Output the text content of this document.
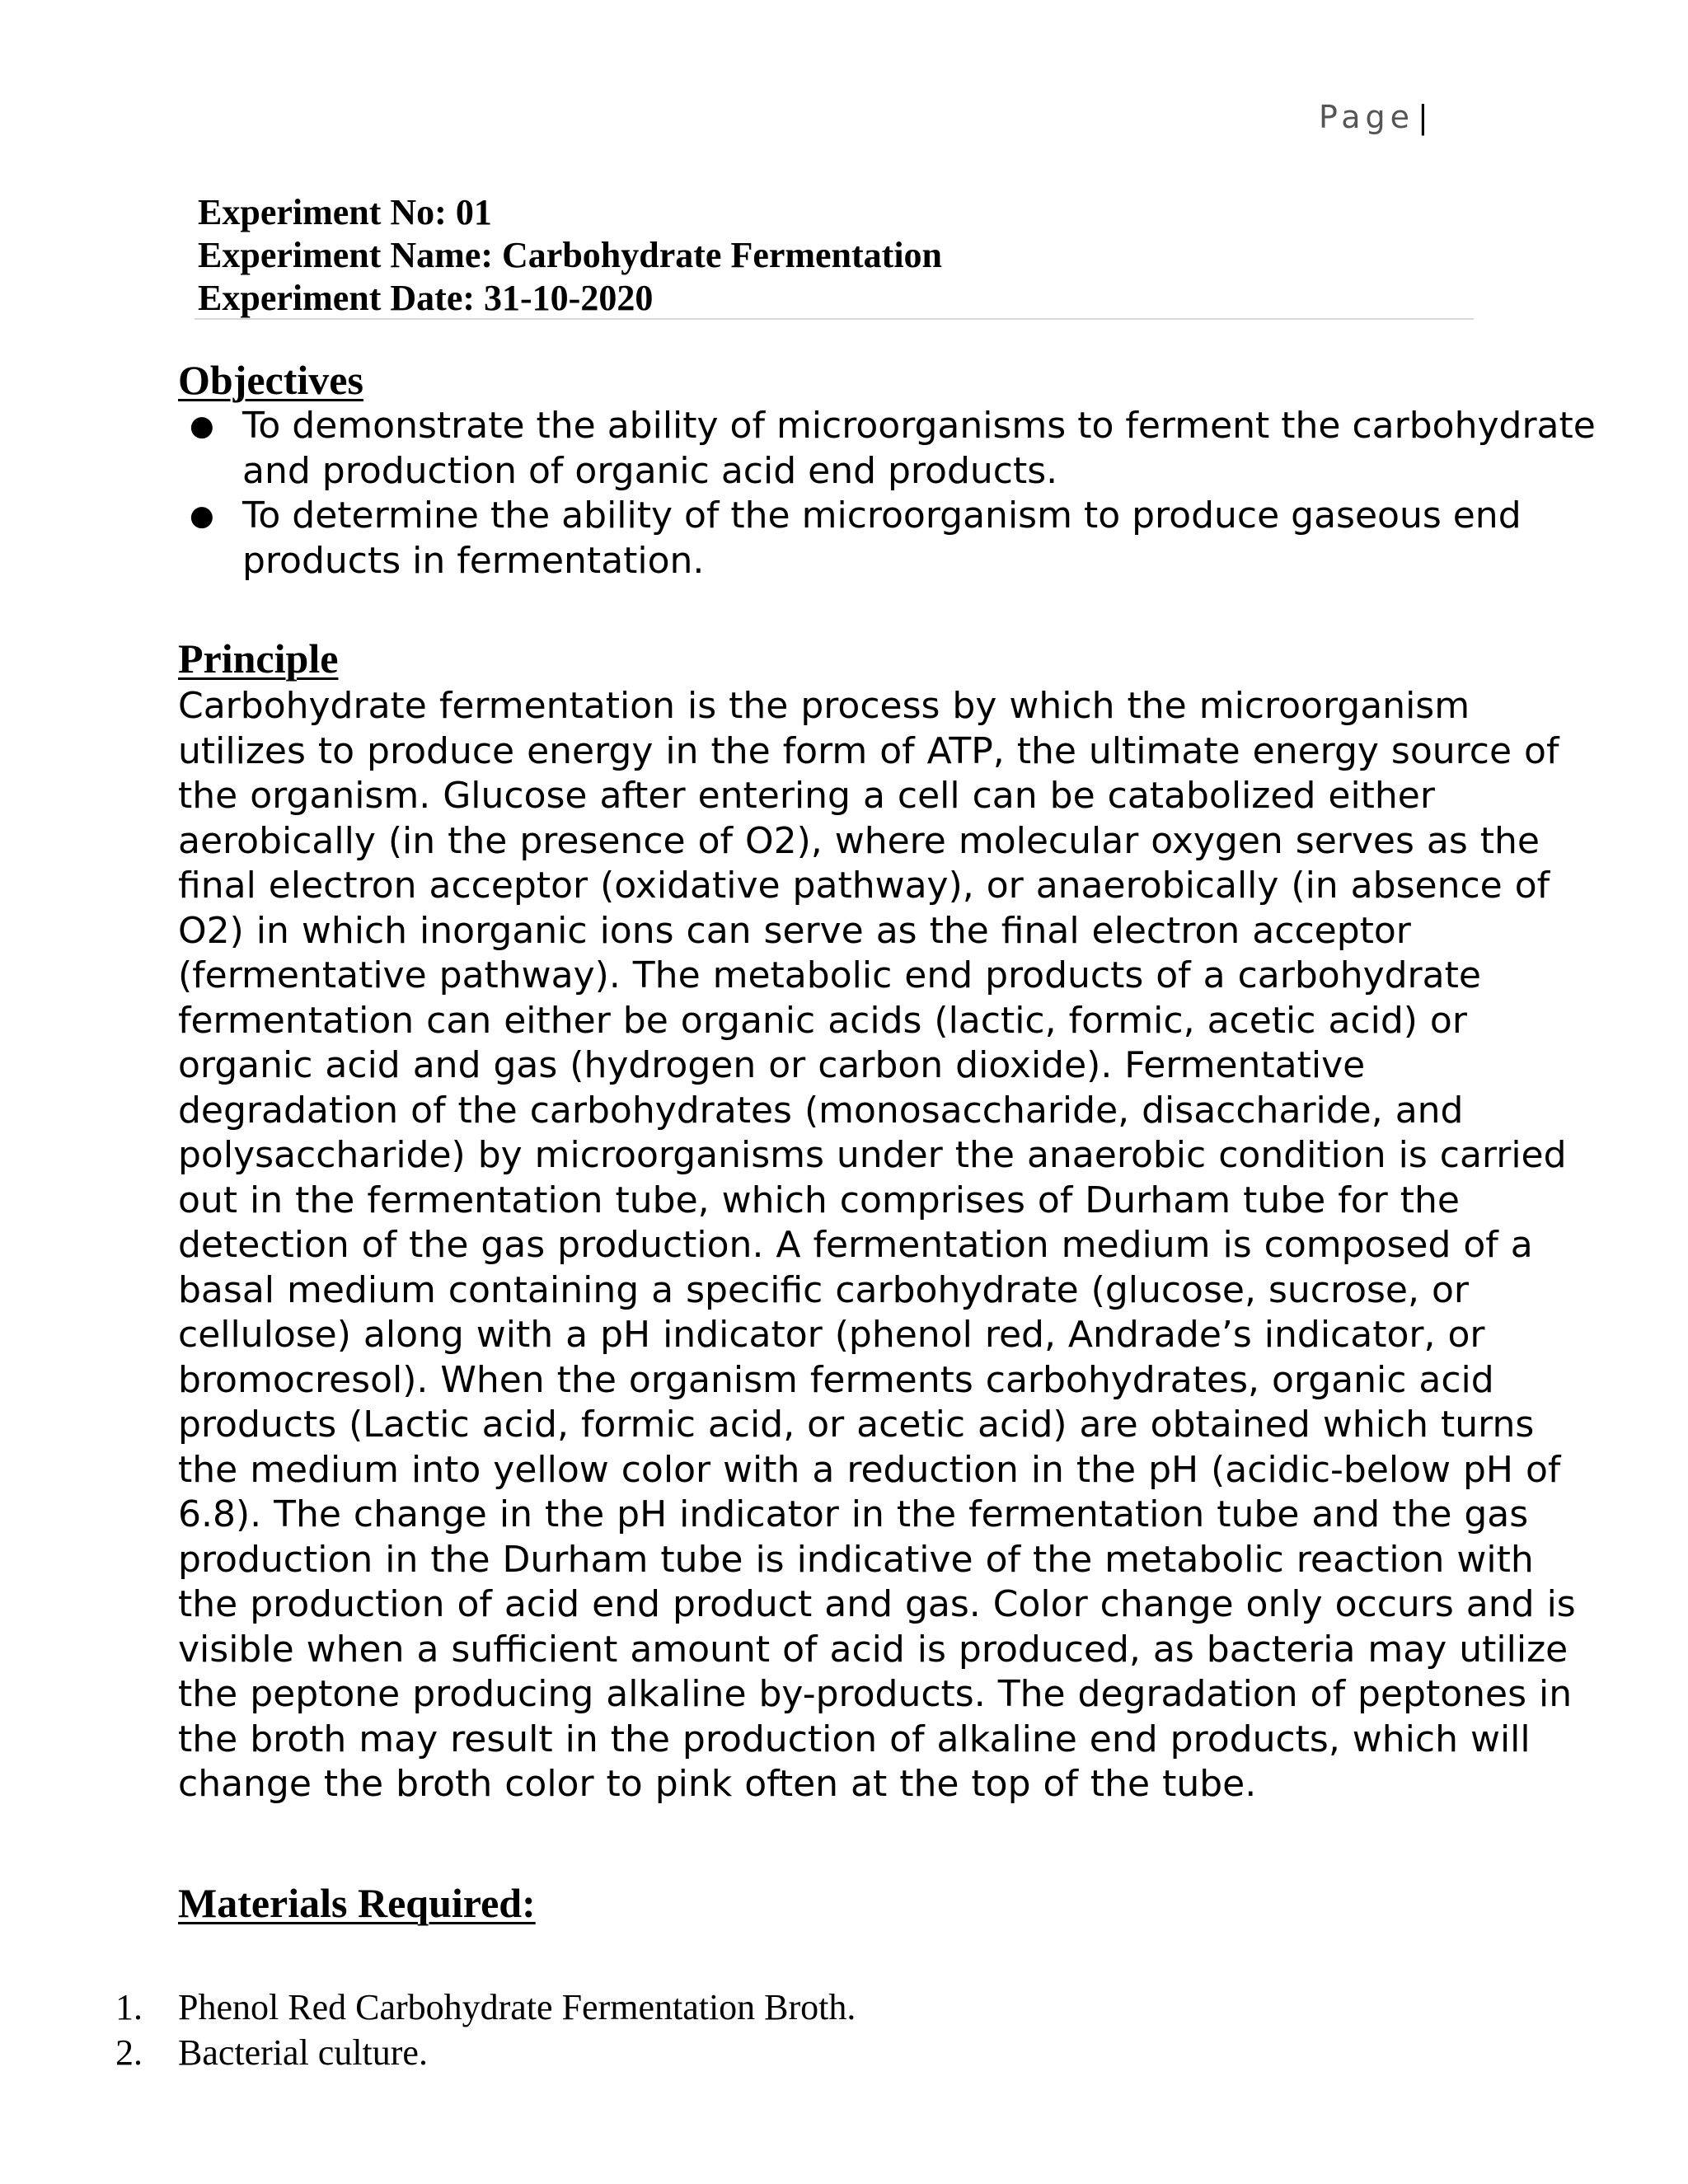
Page |
Experiment No: 01
Experiment Name: Carbohydrate Fermentation
Experiment Date: 31-10-2020
Objectives
● To demonstrate the ability of microorganisms to ferment the carbohydrate and production of organic acid end products.
● To determine the ability of the microorganism to produce gaseous end products in fermentation.
Principle

Carbohydrate fermentation is the process by which the microorganism utilizes to produce energy in the form of ATP, the ultimate energy source of the organism. Glucose after entering a cell can be catabolized either aerobically (in the presence of O2), where molecular oxygen serves as the final electron acceptor (oxidative pathway), or anaerobically (in absence of O2) in which inorganic ions can serve as the final electron acceptor (fermentative pathway). The metabolic end products of a carbohydrate fermentation can either be organic acids (lactic, formic, acetic acid) or organic acid and gas (hydrogen or carbon dioxide). Fermentative degradation of the carbohydrates (monosaccharide, disaccharide, and polysaccharide) by microorganisms under the anaerobic condition is carried out in the fermentation tube, which comprises of Durham tube for the detection of the gas production. A fermentation medium is composed of a basal medium containing a specific carbohydrate (glucose, sucrose, or cellulose) along with a pH indicator (phenol red, Andrade’s indicator, or bromocresol). When the organism ferments carbohydrates, organic acid products (Lactic acid, formic acid, or acetic acid) are obtained which turns the medium into yellow color with a reduction in the pH (acidic-below pH of 6.8). The change in the pH indicator in the fermentation tube and the gas production in the Durham tube is indicative of the metabolic reaction with the production of acid end product and gas. Color change only occurs and is visible when a sufficient amount of acid is produced, as bacteria may utilize the peptone producing alkaline by-products. The degradation of peptones in the broth may result in the production of alkaline end products, which will change the broth color to pink often at the top of the tube.

Materials Required:
1. Phenol Red Carbohydrate Fermentation Broth.
2. Bacterial culture.
